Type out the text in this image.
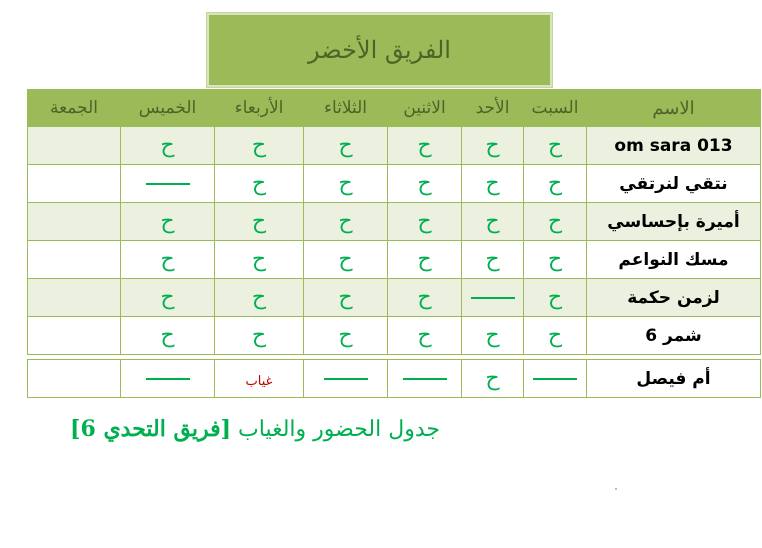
الفريق الأخضر
الاسم	السبت	الأحد	الاثنين	الثلاثاء	الأربعاء	الخميس	الجمعة
om sara 013	ح	ح	ح	ح	ح	ح	
نتقي لنرتقي	ح	ح	ح	ح	ح		
أميرة بإحساسي	ح	ح	ح	ح	ح	ح	
مسك النواعم	ح	ح	ح	ح	ح	ح	
لزمن حكمة	ح		ح	ح	ح	ح	
شمر 6	ح	ح	ح	ح	ح	ح	

أم فيصل		ح			غياب		
جدول الحضور والغياب [فريق التحدي 6]
